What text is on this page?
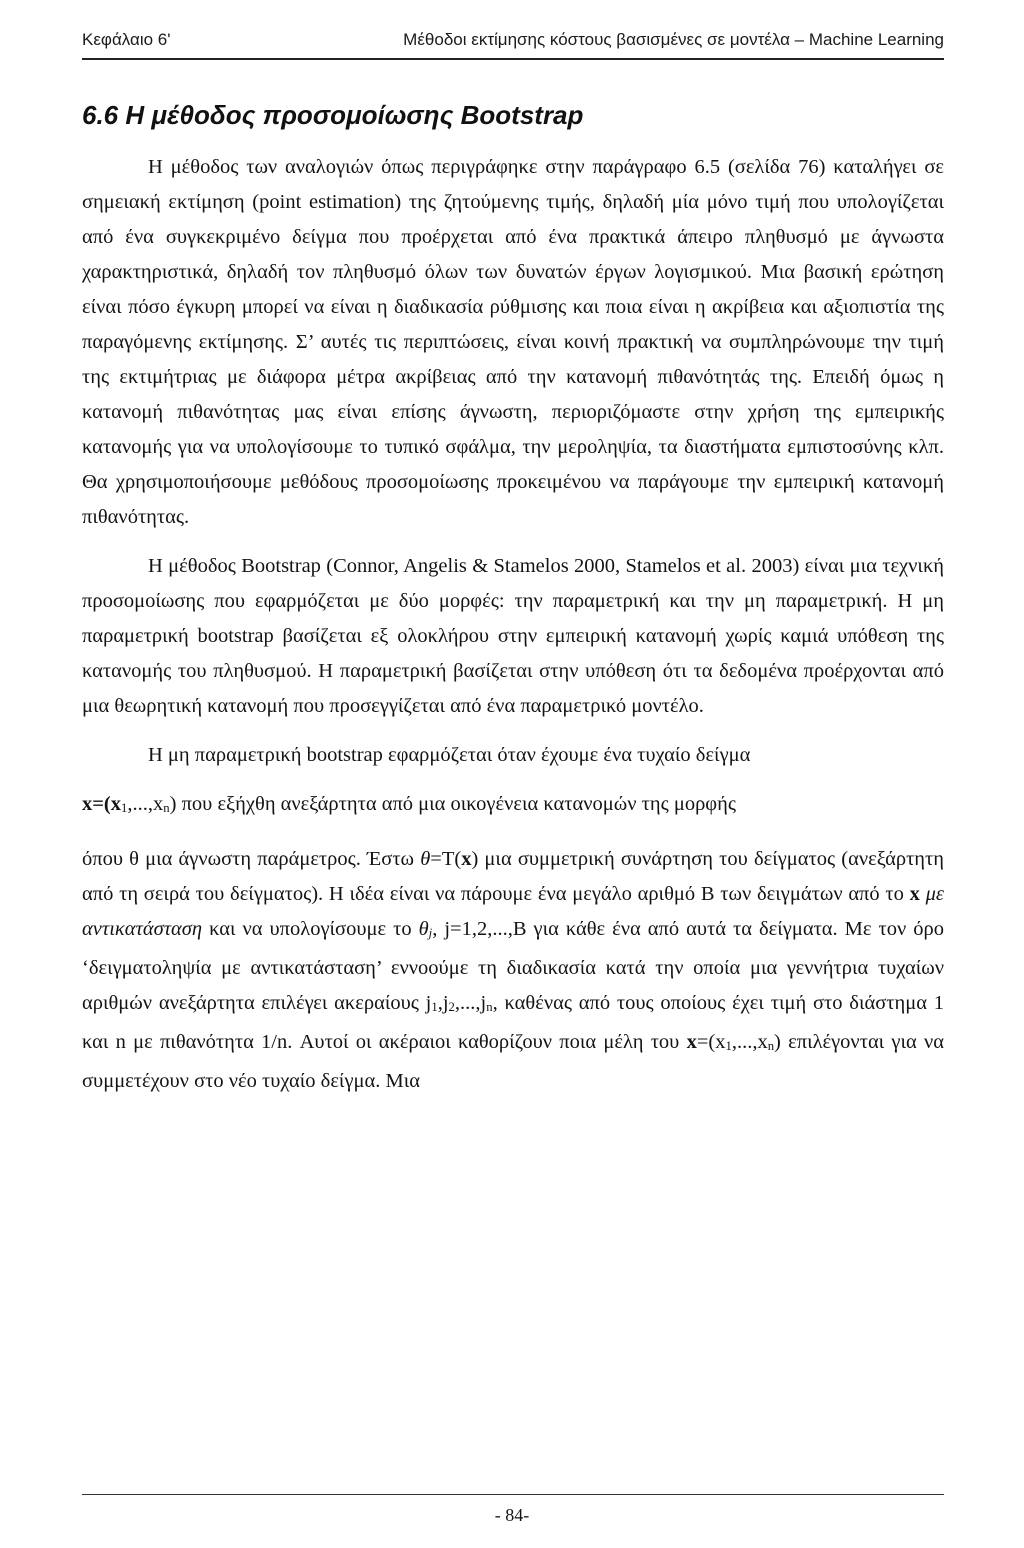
Κεφάλαιο 6'	Μέθοδοι εκτίμησης κόστους βασισμένες σε μοντέλα – Machine Learning
6.6 Η μέθοδος προσομοίωσης Bootstrap

Η μέθοδος των αναλογιών όπως περιγράφηκε στην παράγραφο 6.5 (σελίδα 76) καταλήγει σε σημειακή εκτίμηση (point estimation) της ζητούμενης τιμής, δηλαδή μία μόνο τιμή που υπολογίζεται από ένα συγκεκριμένο δείγμα που προέρχεται από ένα πρακτικά άπειρο πληθυσμό με άγνωστα χαρακτηριστικά, δηλαδή τον πληθυσμό όλων των δυνατών έργων λογισμικού. Μια βασική ερώτηση είναι πόσο έγκυρη μπορεί να είναι η διαδικασία ρύθμισης και ποια είναι η ακρίβεια και αξιοπιστία της παραγόμενης εκτίμησης. Σ’ αυτές τις περιπτώσεις, είναι κοινή πρακτική να συμπληρώνουμε την τιμή της εκτιμήτριας με διάφορα μέτρα ακρίβειας από την κατανομή πιθανότητάς της. Επειδή όμως η κατανομή πιθανότητας μας είναι επίσης άγνωστη, περιοριζόμαστε στην χρήση της εμπειρικής κατανομής για να υπολογίσουμε το τυπικό σφάλμα, την μεροληψία, τα διαστήματα εμπιστοσύνης κλπ. Θα χρησιμοποιήσουμε μεθόδους προσομοίωσης προκειμένου να παράγουμε την εμπειρική κατανομή πιθανότητας.

Η μέθοδος Bootstrap (Connor, Angelis & Stamelos 2000, Stamelos et al. 2003) είναι μια τεχνική προσομοίωσης που εφαρμόζεται με δύο μορφές: την παραμετρική και την μη παραμετρική. Η μη παραμετρική bootstrap βασίζεται εξ ολοκλήρου στην εμπειρική κατανομή χωρίς καμιά υπόθεση της κατανομής του πληθυσμού. Η παραμετρική βασίζεται στην υπόθεση ότι τα δεδομένα προέρχονται από μια θεωρητική κατανομή που προσεγγίζεται από ένα παραμετρικό μοντέλο.

Η μη παραμετρική bootstrap εφαρμόζεται όταν έχουμε ένα τυχαίο δείγμα

$x=(x_1,...,x_n)$ που εξήχθη ανεξάρτητα από μια οικογένεια κατανομών της μορφής

όπου θ μια άγνωστη παράμετρος. Έστω θ=T(x) μια συμμετρική συνάρτηση του δείγματος (ανεξάρτητη από τη σειρά του δείγματος). Η ιδέα είναι να πάρουμε ένα μεγάλο αριθμό B των δειγμάτων από το x με αντικατάσταση και να υπολογίσουμε το $\theta_j$, j=1,2,...,B για κάθε ένα από αυτά τα δείγματα. Με τον όρο ‘δειγματοληψία με αντικατάσταση’ εννοούμε τη διαδικασία κατά την οποία μια γεννήτρια τυχαίων αριθμών ανεξάρτητα επιλέγει ακεραίους $j_1,j_2,...,j_n$, καθένας από τους οποίους έχει τιμή στο διάστημα 1 και n με πιθανότητα 1/n. Αυτοί οι ακέραιοι καθορίζουν ποια μέλη του $x=(x_1,...,x_n)$ επιλέγονται για να συμμετέχουν στο νέο τυχαίο δείγμα. Μια

- 84-
